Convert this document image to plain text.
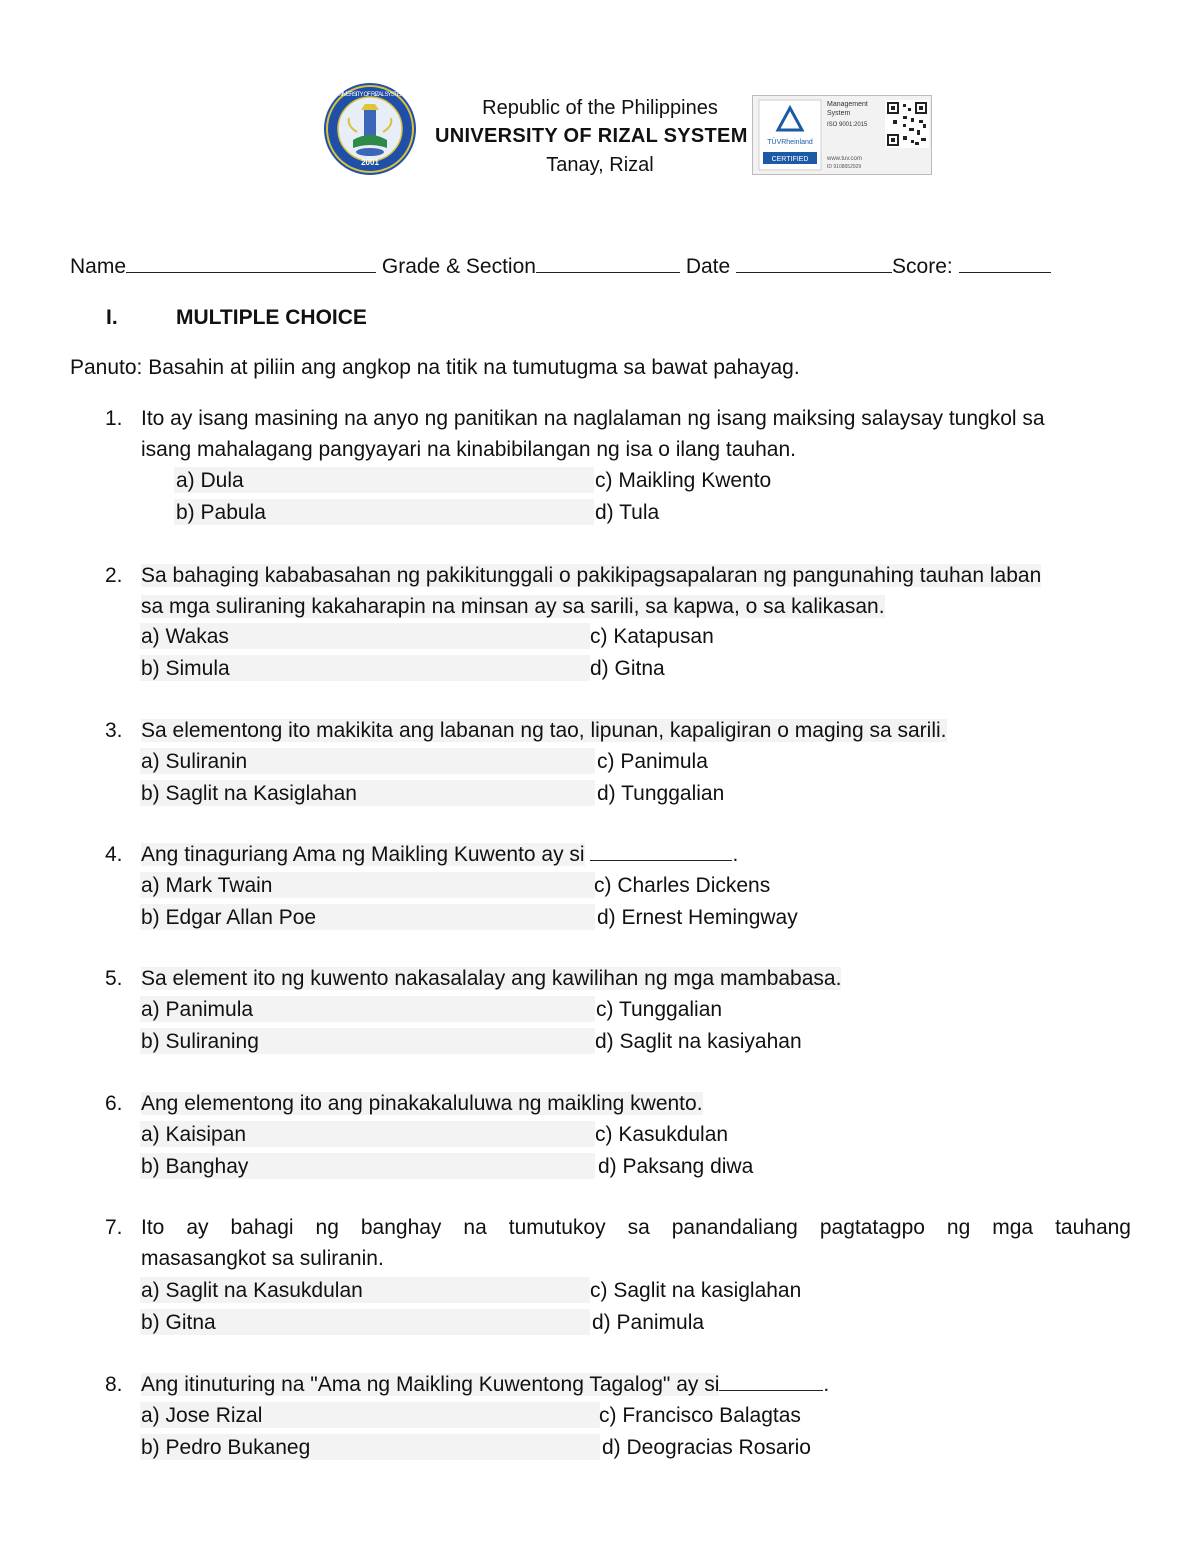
2001
UNIVERSITY OF RIZAL SYSTEM
Republic of the Philippines
UNIVERSITY OF RIZAL SYSTEM
Tanay, Rizal
TÜVRheinland
CERTIFIED
Management
System
ISO 9001:2015
www.tuv.com
ID 9108652929
Name	Grade & Section	Date	Score:
I.	MULTIPLE CHOICE
Panuto: Basahin at piliin ang angkop na titik na tumutugma sa bawat pahayag.
1. Ito ay isang masining na anyo ng panitikan na naglalaman ng isang maiksing salaysay tungkol sa
isang mahalagang pangyayari na kinabibilangan ng isa o ilang tauhan.
a) Dula
b) Pabula
c) Maikling Kwento
d) Tula
2. Sa bahaging kababasahan ng pakikitunggali o pakikipagsapalaran ng pangunahing tauhan laban
sa mga suliraning kakaharapin na minsan ay sa sarili, sa kapwa, o sa kalikasan.
a) Wakas
b) Simula
c) Katapusan
d) Gitna
3. Sa elementong ito makikita ang labanan ng tao, lipunan, kapaligiran o maging sa sarili.
a) Suliranin
b) Saglit na Kasiglahan
c) Panimula
d) Tunggalian
4. Ang tinaguriang Ama ng Maikling Kuwento ay si	.
a) Mark Twain
b) Edgar Allan Poe
c) Charles Dickens
d) Ernest Hemingway
5. Sa element ito ng kuwento nakasalalay ang kawilihan ng mga mambabasa.
a) Panimula
b) Suliraning
c) Tunggalian
d) Saglit na kasiyahan
6. Ang elementong ito ang pinakakaluluwa ng maikling kwento.
a) Kaisipan
b) Banghay
c) Kasukdulan
d) Paksang diwa
7. Ito ay bahagi ng banghay na tumutukoy sa panandaliang pagtatagpo ng mga tauhang
masasangkot sa suliranin.
a) Saglit na Kasukdulan
b) Gitna
c) Saglit na kasiglahan
d) Panimula
8. Ang itinuturing na "Ama ng Maikling Kuwentong Tagalog" ay si	.
a) Jose Rizal
b) Pedro Bukaneg
c) Francisco Balagtas
d) Deogracias Rosario
